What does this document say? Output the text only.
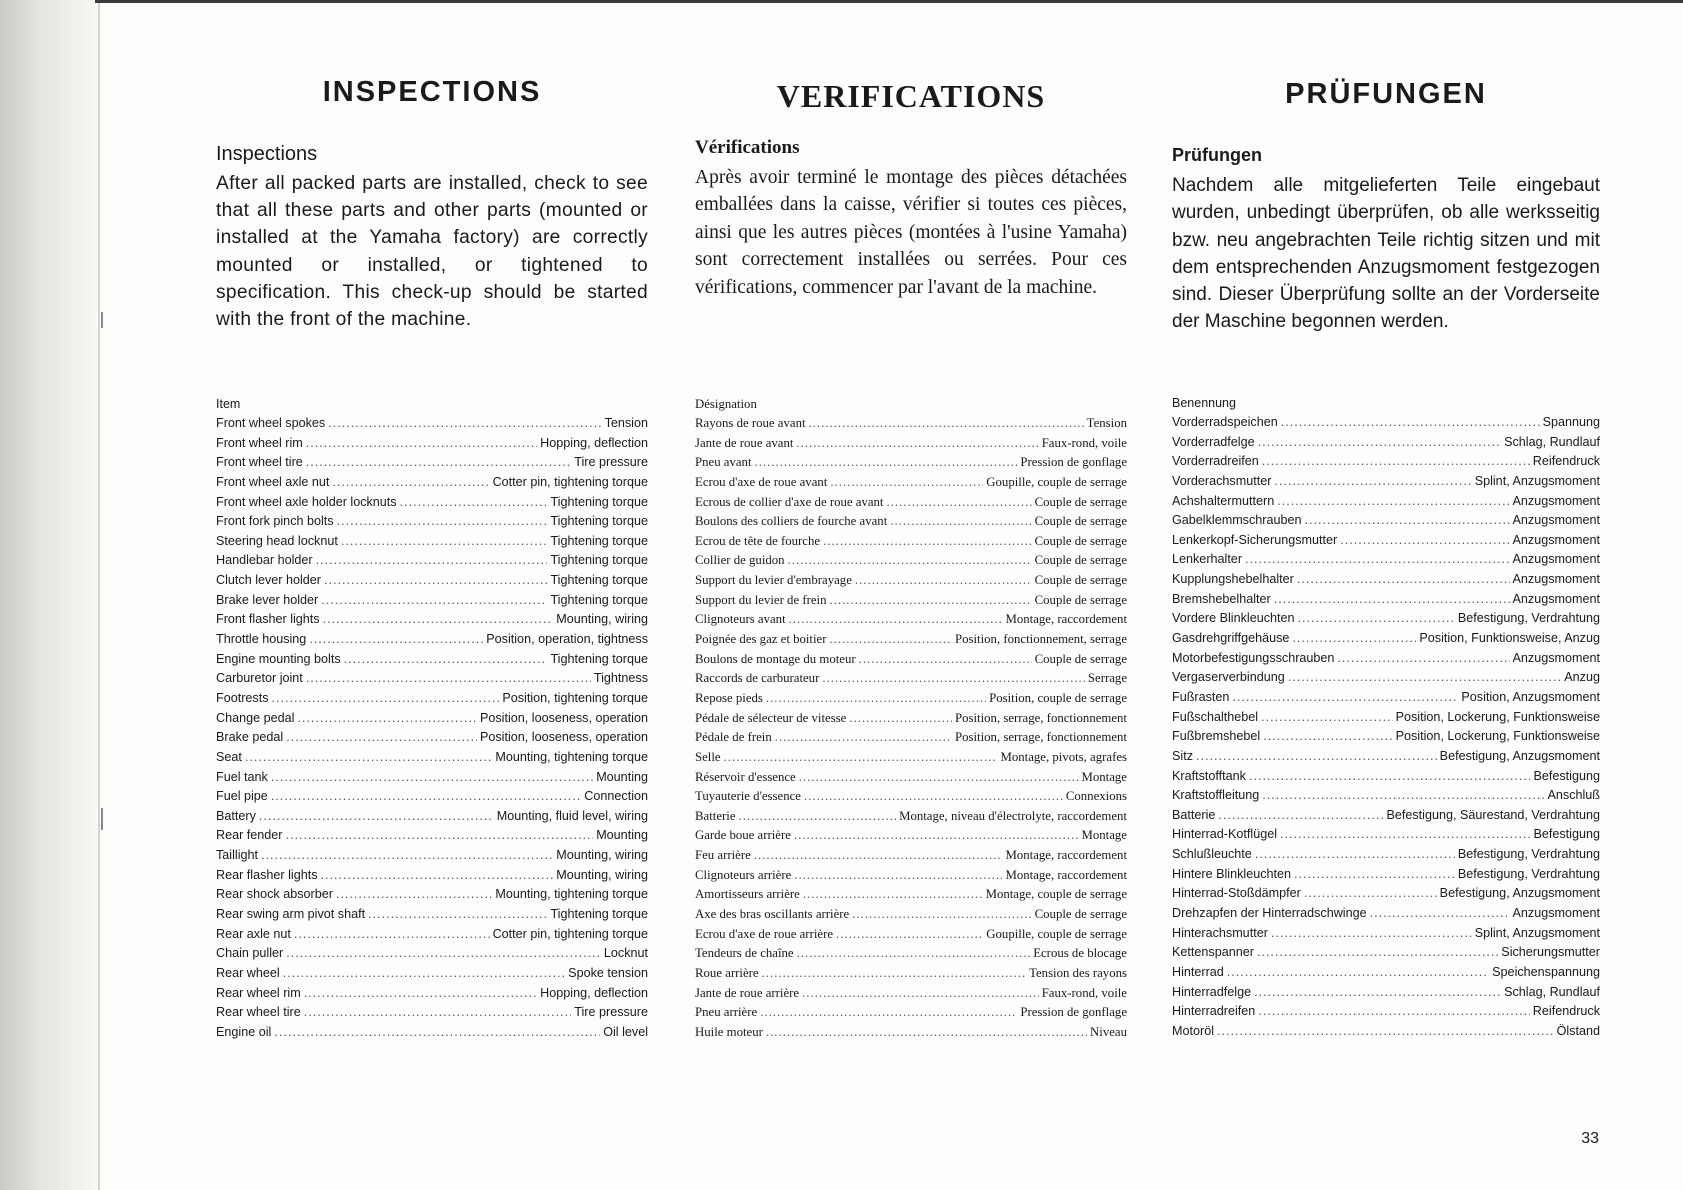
INSPECTIONS
Inspections
After all packed parts are installed, check to see that all these parts and other parts (mounted or installed at the Yamaha factory) are correctly mounted or installed, or tightened to specification. This check-up should be started with the front of the machine.
Item
Front wheel spokes .....	Tension
Front wheel rim .....	Hopping, deflection
Front wheel tire .....	Tire pressure
Front wheel axle nut .....	Cotter pin, tightening torque
Front wheel axle holder locknuts .....	Tightening torque
Front fork pinch bolts .....	Tightening torque
Steering head locknut .....	Tightening torque
Handlebar holder .....	Tightening torque
Clutch lever holder .....	Tightening torque
Brake lever holder .....	Tightening torque
Front flasher lights .....	Mounting, wiring
Throttle housing .....	Position, operation, tightness
Engine mounting bolts .....	Tightening torque
Carburetor joint .....	Tightness
Footrests .....	Position, tightening torque
Change pedal .....	Position, looseness, operation
Brake pedal .....	Position, looseness, operation
Seat .....	Mounting, tightening torque
Fuel tank .....	Mounting
Fuel pipe .....	Connection
Battery .....	Mounting, fluid level, wiring
Rear fender .....	Mounting
Taillight .....	Mounting, wiring
Rear flasher lights .....	Mounting, wiring
Rear shock absorber .....	Mounting, tightening torque
Rear swing arm pivot shaft .....	Tightening torque
Rear axle nut .....	Cotter pin, tightening torque
Chain puller .....	Locknut
Rear wheel .....	Spoke tension
Rear wheel rim .....	Hopping, deflection
Rear wheel tire .....	Tire pressure
Engine oil .....	Oil level
VERIFICATIONS
Vérifications
Après avoir terminé le montage des pièces détachées emballées dans la caisse, vérifier si toutes ces pièces, ainsi que les autres pièces (montées à l'usine Yamaha) sont correctement installées ou serrées. Pour ces vérifications, commencer par l'avant de la machine.
Désignation
Rayons de roue avant .....	Tension
Jante de roue avant .....	Faux-rond, voile
Pneu avant .....	Pression de gonflage
Ecrou d'axe de roue avant .....	Goupille, couple de serrage
Ecrous de collier d'axe de roue avant .....	Couple de serrage
Boulons des colliers de fourche avant .....	Couple de serrage
Ecrou de tête de fourche .....	Couple de serrage
Collier de guidon .....	Couple de serrage
Support du levier d'embrayage .....	Couple de serrage
Support du levier de frein .....	Couple de serrage
Clignoteurs avant .....	Montage, raccordement
Poignée des gaz et boitier .....	Position, fonctionnement, serrage
Boulons de montage du moteur .....	Couple de serrage
Raccords de carburateur .....	Serrage
Repose pieds .....	Position, couple de serrage
Pédale de sélecteur de vitesse .....	Position, serrage, fonctionnement
Pédale de frein .....	Position, serrage, fonctionnement
Selle .....	Montage, pivots, agrafes
Réservoir d'essence .....	Montage
Tuyauterie d'essence .....	Connexions
Batterie .....	Montage, niveau d'électrolyte, raccordement
Garde boue arrière .....	Montage
Feu arrière .....	Montage, raccordement
Clignoteurs arrière .....	Montage, raccordement
Amortisseurs arrière .....	Montage, couple de serrage
Axe des bras oscillants arrière .....	Couple de serrage
Ecrou d'axe de roue arrière .....	Goupille, couple de serrage
Tendeurs de chaîne .....	Ecrous de blocage
Roue arrière .....	Tension des rayons
Jante de roue arrière .....	Faux-rond, voile
Pneu arrière .....	Pression de gonflage
Huile moteur .....	Niveau
PRÜFUNGEN
Prüfungen
Nachdem alle mitgelieferten Teile eingebaut wurden, unbedingt überprüfen, ob alle werksseitig bzw. neu angebrachten Teile richtig sitzen und mit dem entsprechenden Anzugsmoment festgezogen sind. Dieser Überprüfung sollte an der Vorderseite der Maschine begonnen werden.
Benennung
Vorderradspeichen .....	Spannung
Vorderradfelge .....	Schlag, Rundlauf
Vorderradreifen .....	Reifendruck
Vorderachsmutter .....	Splint, Anzugsmoment
Achshaltermuttern .....	Anzugsmoment
Gabelklemmschrauben .....	Anzugsmoment
Lenkerkopf-Sicherungsmutter .....	Anzugsmoment
Lenkerhalter .....	Anzugsmoment
Kupplungshebelhalter .....	Anzugsmoment
Bremshebelhalter .....	Anzugsmoment
Vordere Blinkleuchten .....	Befestigung, Verdrahtung
Gasdrehgriffgehäuse .....	Position, Funktionsweise, Anzug
Motorbefestigungsschrauben .....	Anzugsmoment
Vergaserverbindung .....	Anzug
Fußrasten .....	Position, Anzugsmoment
Fußschalthebel .....	Position, Lockerung, Funktionsweise
Fußbremshebel .....	Position, Lockerung, Funktionsweise
Sitz .....	Befestigung, Anzugsmoment
Kraftstofftank .....	Befestigung
Kraftstoffleitung .....	Anschluß
Batterie .....	Befestigung, Säurestand, Verdrahtung
Hinterrad-Kotflügel .....	Befestigung
Schlußleuchte .....	Befestigung, Verdrahtung
Hintere Blinkleuchten .....	Befestigung, Verdrahtung
Hinterrad-Stoßdämpfer .....	Befestigung, Anzugsmoment
Drehzapfen der Hinterradschwinge .....	Anzugsmoment
Hinterachsmutter .....	Splint, Anzugsmoment
Kettenspanner .....	Sicherungsmutter
Hinterrad .....	Speichenspannung
Hinterradfelge .....	Schlag, Rundlauf
Hinterradreifen .....	Reifendruck
Motoröl .....	Ölstand
33
